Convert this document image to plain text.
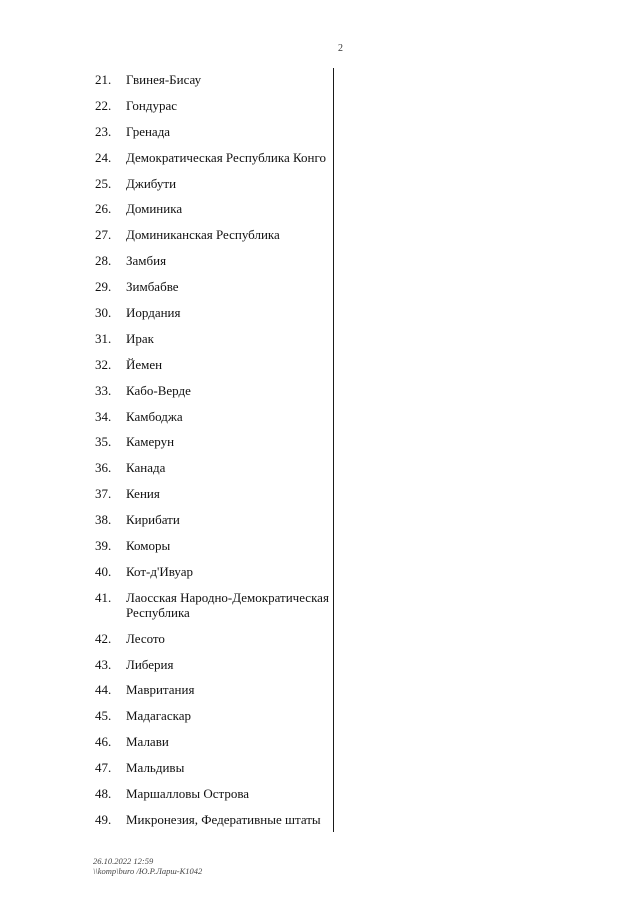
2
21.	Гвинея-Бисау
22.	Гондурас
23.	Гренада
24.	Демократическая Республика Конго
25.	Джибути
26.	Доминика
27.	Доминиканская Республика
28.	Замбия
29.	Зимбабве
30.	Иордания
31.	Ирак
32.	Йемен
33.	Кабо-Верде
34.	Камбоджа
35.	Камерун
36.	Канада
37.	Кения
38.	Кирибати
39.	Коморы
40.	Кот-д'Ивуар
41.	Лаосская Народно-Демократическая Республика
42.	Лесото
43.	Либерия
44.	Мавритания
45.	Мадагаскар
46.	Малави
47.	Мальдивы
48.	Маршалловы Острова
49.	Микронезия, Федеративные штаты
26.10.2022 12:59
\\komp\buro /Ю.Р.Ларш-К1042
